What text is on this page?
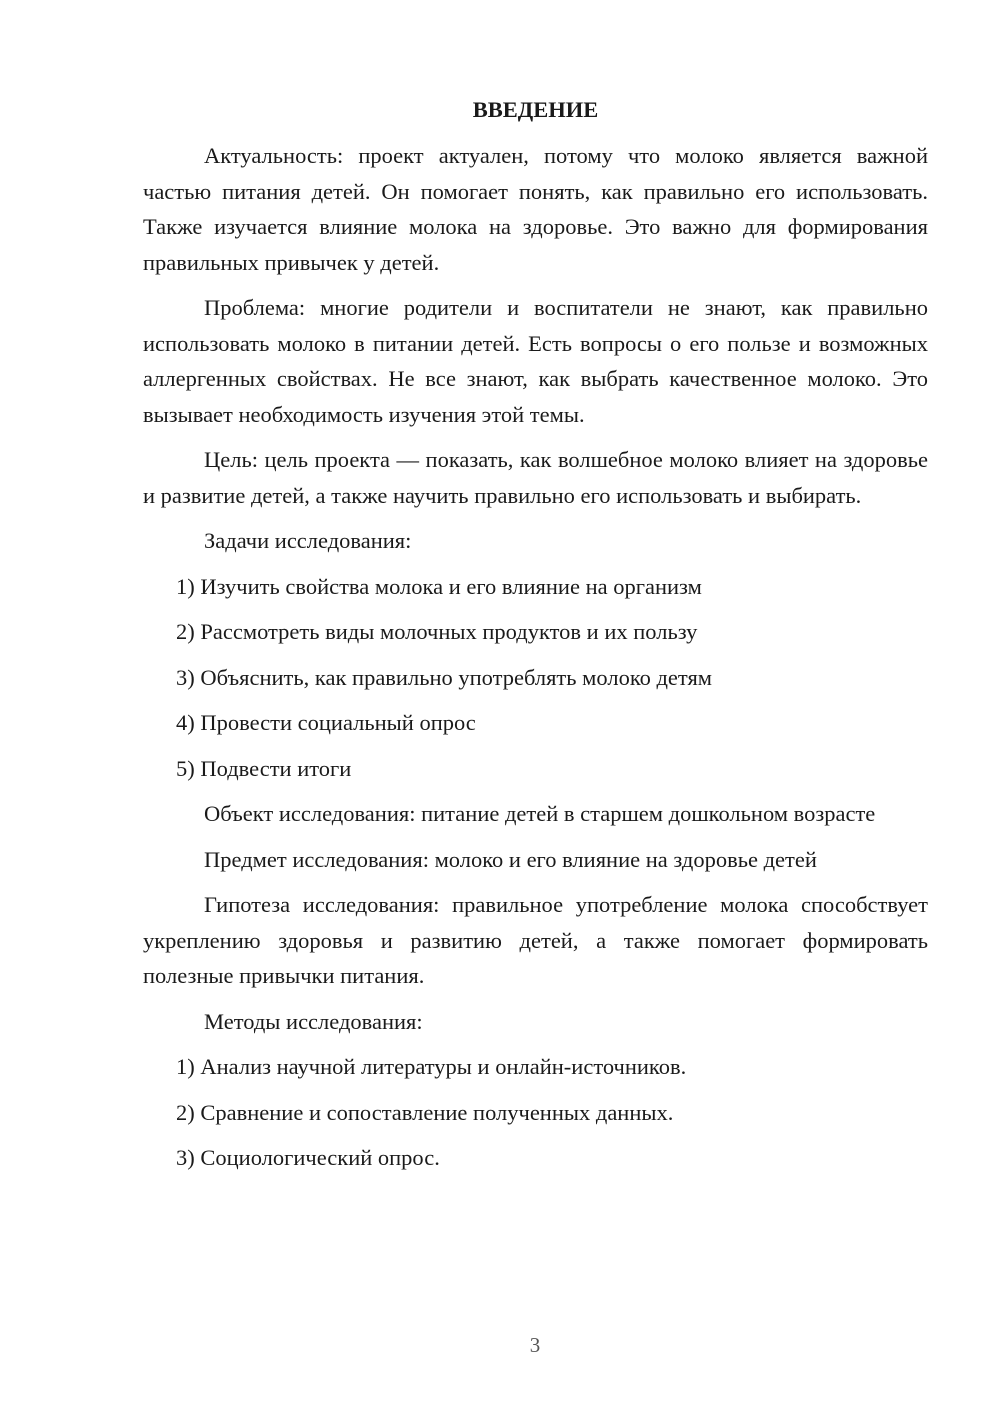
ВВЕДЕНИЕ
Актуальность: проект актуален, потому что молоко является важной частью питания детей. Он помогает понять, как правильно его использовать. Также изучается влияние молока на здоровье. Это важно для формирования правильных привычек у детей.
Проблема: многие родители и воспитатели не знают, как правильно использовать молоко в питании детей. Есть вопросы о его пользе и возможных аллергенных свойствах. Не все знают, как выбрать качественное молоко. Это вызывает необходимость изучения этой темы.
Цель: цель проекта — показать, как волшебное молоко влияет на здоровье и развитие детей, а также научить правильно его использовать и выбирать.
Задачи исследования:
1) Изучить свойства молока и его влияние на организм
2) Рассмотреть виды молочных продуктов и их пользу
3) Объяснить, как правильно употреблять молоко детям
4) Провести социальный опрос
5) Подвести итоги
Объект исследования: питание детей в старшем дошкольном возрасте
Предмет исследования: молоко и его влияние на здоровье детей
Гипотеза исследования: правильное употребление молока способствует укреплению здоровья и развитию детей, а также помогает формировать полезные привычки питания.
Методы исследования:
1) Анализ научной литературы и онлайн-источников.
2) Сравнение и сопоставление полученных данных.
3) Социологический опрос.
3
